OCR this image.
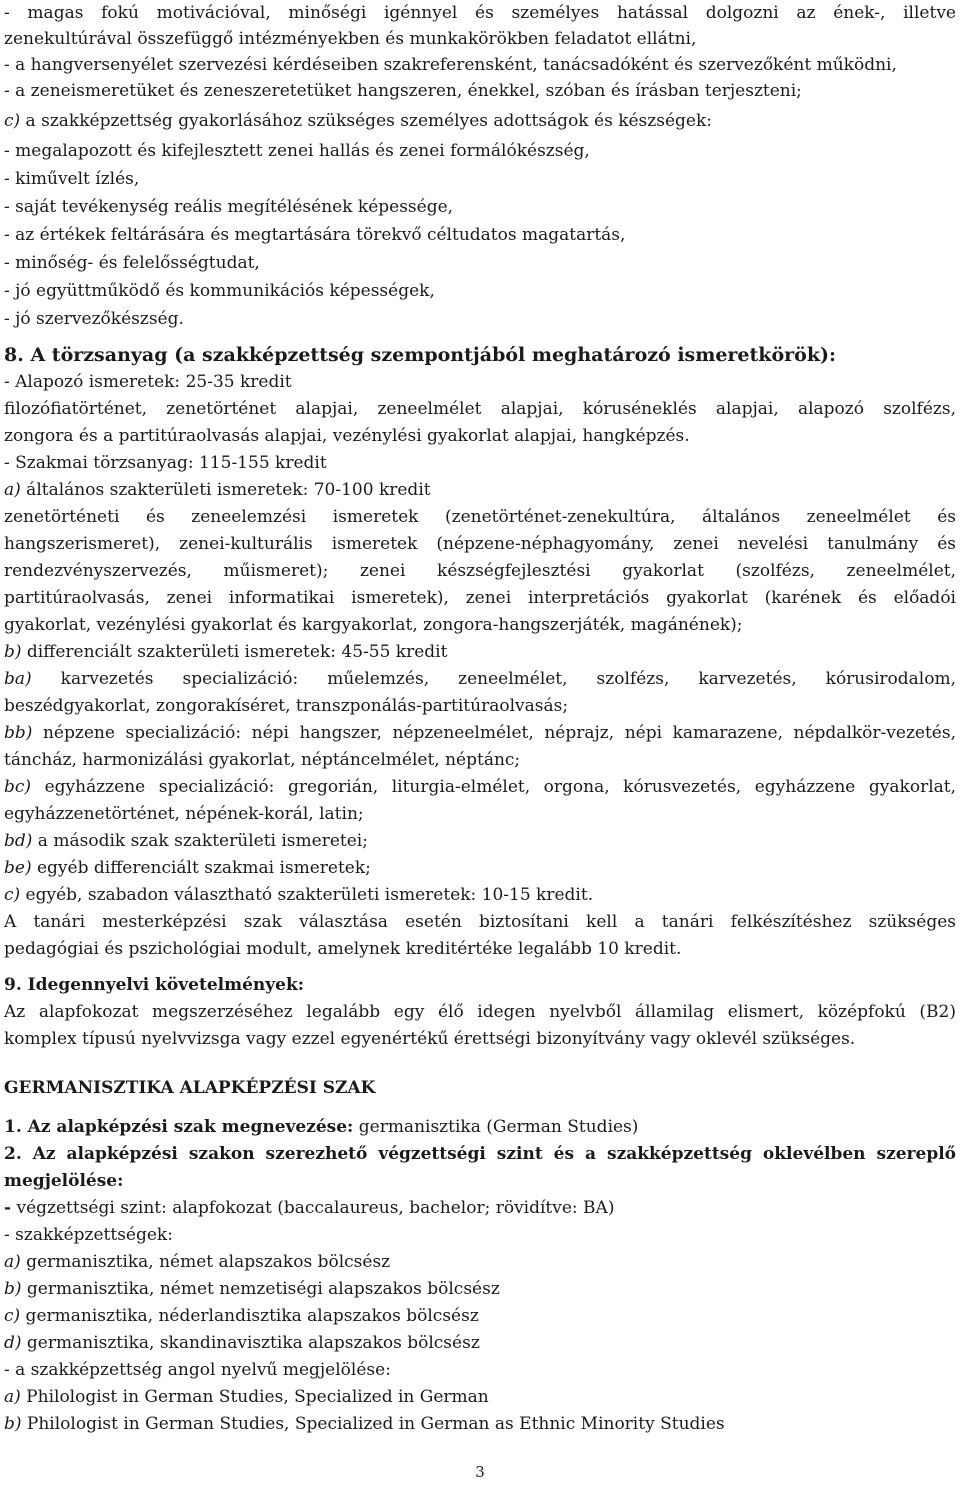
- magas fokú motivációval, minőségi igénnyel és személyes hatással dolgozni az ének-, illetve
zenekultúrával összefüggő intézményekben és munkakörökben feladatot ellátni,
- a hangversenyélet szervezési kérdéseiben szakreferensként, tanácsadóként és szervezőként működni,
- a zeneismeretüket és zeneszeretetüket hangszeren, énekkel, szóban és írásban terjeszteni;
c) a szakképzettség gyakorlásához szükséges személyes adottságok és készségek:
- megalapozott és kifejlesztett zenei hallás és zenei formálókészség,
- kiművelt ízlés,
- saját tevékenység reális megítélésének képessége,
- az értékek feltárására és megtartására törekvő céltudatos magatartás,
- minőség- és felelősségtudat,
- jó együttműködő és kommunikációs képességek,
- jó szervezőkészség.
8. A törzsanyag (a szakképzettség szempontjából meghatározó ismeretkörök):
- Alapozó ismeretek: 25-35 kredit
filozófiatörténet, zenetörténet alapjai, zeneelmélet alapjai, kóruséneklés alapjai, alapozó szolfézs,
zongora és a partitúraolvasás alapjai, vezénylési gyakorlat alapjai, hangképzés.
- Szakmai törzsanyag: 115-155 kredit
a) általános szakterületi ismeretek: 70-100 kredit
zenetörténeti és zeneelemzési ismeretek (zenetörténet-zenekultúra, általános zeneelmélet és
hangszerismeret), zenei-kulturális ismeretek (népzene-néphagyomány, zenei nevelési tanulmány és
rendezvényszervezés, műismeret); zenei készségfejlesztési gyakorlat (szolfézs, zeneelmélet,
partitúraolvasás, zenei informatikai ismeretek), zenei interpretációs gyakorlat (karének és előadói
gyakorlat, vezénylési gyakorlat és kargyakorlat, zongora-hangszerjáték, magánének);
b) differenciált szakterületi ismeretek: 45-55 kredit
ba) karvezetés specializáció: műelemzés, zeneelmélet, szolfézs, karvezetés, kórusirodalom,
beszédgyakorlat, zongorakíséret, transzponálás-partitúraolvasás;
bb) népzene specializáció: népi hangszer, népzeneelmélet, néprajz, népi kamarazene, népdalkör-vezetés,
táncház, harmonizálási gyakorlat, néptáncelmélet, néptánc;
bc) egyházzene specializáció: gregorián, liturgia-elmélet, orgona, kórusvezetés, egyházzene gyakorlat,
egyházzenetörténet, népének-korál, latin;
bd) a második szak szakterületi ismeretei;
be) egyéb differenciált szakmai ismeretek;
c) egyéb, szabadon választható szakterületi ismeretek: 10-15 kredit.
A tanári mesterképzési szak választása esetén biztosítani kell a tanári felkészítéshez szükséges
pedagógiai és pszichológiai modult, amelynek kreditértéke legalább 10 kredit.
9. Idegennyelvi követelmények:
Az alapfokozat megszerzéséhez legalább egy élő idegen nyelvből államilag elismert, középfokú (B2)
komplex típusú nyelvvizsga vagy ezzel egyenértékű érettségi bizonyítvány vagy oklevél szükséges.
GERMANISZTIKA ALAPKÉPZÉSI SZAK
1. Az alapképzési szak megnevezése: germanisztika (German Studies)
2. Az alapképzési szakon szerezhető végzettségi szint és a szakképzettség oklevélben szereplő
megjelölése:
- végzettségi szint: alapfokozat (baccalaureus, bachelor; rövidítve: BA)
- szakképzettségek:
a) germanisztika, német alapszakos bölcsész
b) germanisztika, német nemzetiségi alapszakos bölcsész
c) germanisztika, néderlandisztika alapszakos bölcsész
d) germanisztika, skandinavisztika alapszakos bölcsész
- a szakképzettség angol nyelvű megjelölése:
a) Philologist in German Studies, Specialized in German
b) Philologist in German Studies, Specialized in German as Ethnic Minority Studies
3
